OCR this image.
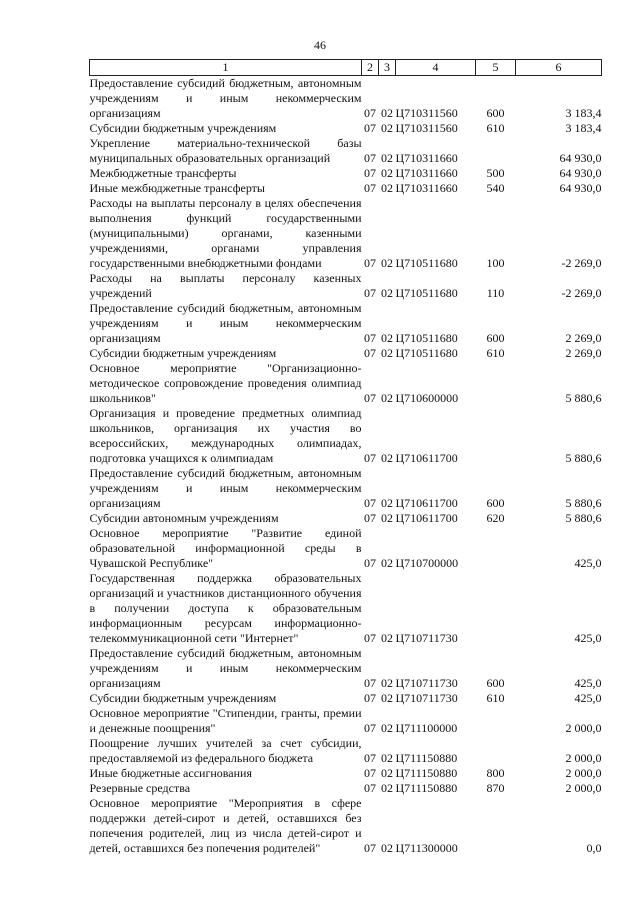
46
1	2	3	4	5	6
Предоставление субсидий бюджетным, автономным учреждениям и иным некоммерческим организациям	07	02	Ц710311560	600	3 183,4
Субсидии бюджетным учреждениям	07	02	Ц710311560	610	3 183,4
Укрепление материально-технической базы муниципальных образовательных организаций	07	02	Ц710311660		64 930,0
Межбюджетные трансферты	07	02	Ц710311660	500	64 930,0
Иные межбюджетные трансферты	07	02	Ц710311660	540	64 930,0
Расходы на выплаты персоналу в целях обеспечения выполнения функций государственными (муниципальными) органами, казенными учреждениями, органами управления государственными внебюджетными фондами	07	02	Ц710511680	100	-2 269,0
Расходы на выплаты персоналу казенных учреждений	07	02	Ц710511680	110	-2 269,0
Предоставление субсидий бюджетным, автономным учреждениям и иным некоммерческим организациям	07	02	Ц710511680	600	2 269,0
Субсидии бюджетным учреждениям	07	02	Ц710511680	610	2 269,0
Основное мероприятие "Организационно-методическое сопровождение проведения олимпиад школьников"	07	02	Ц710600000		5 880,6
Организация и проведение предметных олимпиад школьников, организация их участия во всероссийских, международных олимпиадах, подготовка учащихся к олимпиадам	07	02	Ц710611700		5 880,6
Предоставление субсидий бюджетным, автономным учреждениям и иным некоммерческим организациям	07	02	Ц710611700	600	5 880,6
Субсидии автономным учреждениям	07	02	Ц710611700	620	5 880,6
Основное мероприятие "Развитие единой образовательной информационной среды в Чувашской Республике"	07	02	Ц710700000		425,0
Государственная поддержка образовательных организаций и участников дистанционного обучения в получении доступа к образовательным информационным ресурсам информационно-телекоммуникационной сети "Интернет"	07	02	Ц710711730		425,0
Предоставление субсидий бюджетным, автономным учреждениям и иным некоммерческим организациям	07	02	Ц710711730	600	425,0
Субсидии бюджетным учреждениям	07	02	Ц710711730	610	425,0
Основное мероприятие "Стипендии, гранты, премии и денежные поощрения"	07	02	Ц711100000		2 000,0
Поощрение лучших учителей за счет субсидии, предоставляемой из федерального бюджета	07	02	Ц711150880		2 000,0
Иные бюджетные ассигнования	07	02	Ц711150880	800	2 000,0
Резервные средства	07	02	Ц711150880	870	2 000,0
Основное мероприятие "Мероприятия в сфере поддержки детей-сирот и детей, оставшихся без попечения родителей, лиц из числа детей-сирот и детей, оставшихся без попечения родителей"	07	02	Ц711300000		0,0
